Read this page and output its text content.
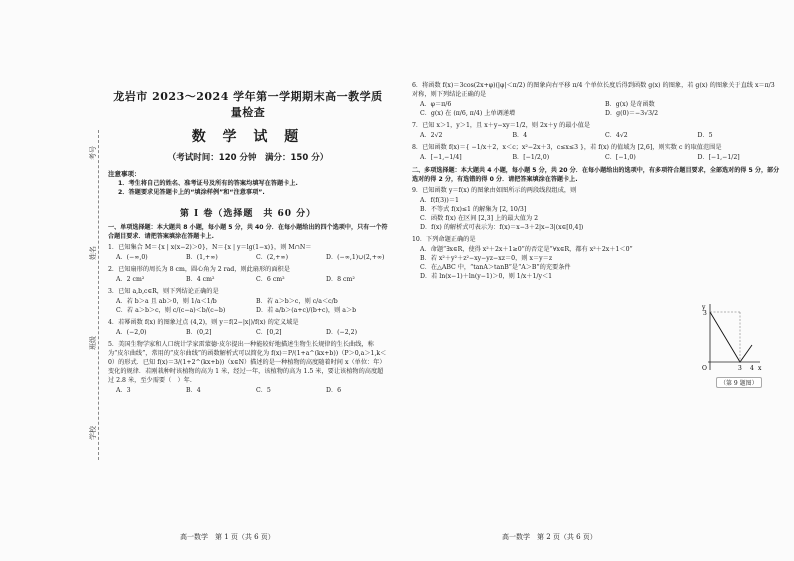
学校
班级
姓名
考号
龙岩市 2023～2024 学年第一学期期末高一教学质量检查
数 学 试 题
（考试时间：120 分钟　满分：150 分）
注意事项：
1．考生将自己的姓名、准考证号及所有的答案均填写在答题卡上.
2．答题要求见答题卡上的“填涂样例”和“注意事项”.
第 I 卷（选择题　共 60 分）
一、单项选择题：本大题共 8 小题，每小题 5 分，共 40 分．在每小题给出的四个选项中，只有一个符合题目要求．请把答案填涂在答题卡上.
1．已知集合 M＝{x | x(x−2)＞0}，N＝{x | y＝lg(1−x)}，则 M∩N＝
A．(−∞,0)	B．(1,+∞)	C．(2,+∞)	D．(−∞,1)∪(2,+∞)
2．已知扇形的周长为 8 cm，圆心角为 2 rad，则此扇形的面积是
A．2 cm²	B．4 cm²	C．6 cm²	D．8 cm²
3．已知 a,b,c∈R，则下列结论正确的是
A．若 b＞a 且 ab＞0，则 1/a＜1/b	B．若 a＞b＞c，则 c/a＜c/b
C．若 a＞b＞c，则 c/(c−a)＜b/(c−b)	D．若 a/b＞(a+c)/(b+c)，则 a＞b
4．若幂函数 f(x) 的图象过点 (4,2)，则 y＝f(2−|x|)/f(x) 的定义域是
A．(−2,0)	B．(0,2]	C．[0,2]	D．(−2,2)
5．美国生物学家和人口统计学家雷蒙德·皮尔提出一种能较好地描述生物生长规律的生长曲线，称为“皮尔曲线”，常用的“皮尔曲线”的函数解析式可以简化为 f(x)＝P/(1+a^(kx+b))（P＞0,a＞1,k＜0）的形式．已知 f(x)＝3/(1+2^(kx+b))（x∈N）描述的是一种植物的高度随着时间 x（单位：年）变化的规律．若刚栽种时该植物的高为 1 米，经过一年，该植物的高为 1.5 米，要让该植物的高度超过 2.8 米，至少需要（　）年.
A．3	B．4	C．5	D．6
高一数学　第 1 页（共 6 页）
6．将函数 f(x)＝3cos(2x+φ)(|φ|＜π/2) 的图象向右平移 π/4 个单位长度后得到函数 g(x) 的图象，若 g(x) 的图象关于直线 x＝π/3 对称，则下列结论正确的是
A．φ＝π/6	B．g(x) 是奇函数
C．g(x) 在 (π/6, π/4) 上单调递增	D．g(0)＝−3√3/2
7．已知 x＞1，y＞1，且 x＋y−xy＝1/2，则 2x＋y 的最小值是
A．2√2	B．4	C．4√2	D．5
8．已知函数 f(x)＝{ −1/x＋2，x＜c；x²−2x＋3，c≤x≤3 }，若 f(x) 的值域为 [2,6]，则实数 c 的取值范围是
A．[−1,−1/4]	B．[−1/2,0)	C．[−1,0)	D．[−1,−1/2]
二、多项选择题：本大题共 4 小题，每小题 5 分，共 20 分．在每小题给出的选项中，有多项符合题目要求，全部选对的得 5 分，部分选对的得 2 分，有选错的得 0 分．请把答案填涂在答题卡上.
9．已知函数 y＝f(x) 的图象由如图所示的两段线段组成，则
A．f(f(3))＝1
B．不等式 f(x)≤1 的解集为 [2, 10/3]
C．函数 f(x) 在区间 [2,3] 上的最大值为 2
D．f(x) 的解析式可表示为：f(x)＝x−3＋2|x−3|(x∈[0,4])
10．下列命题正确的是
A．命题“∃x∈R，使得 x²＋2x＋1≥0”的否定是“∀x∈R，都有 x²＋2x＋1＜0”
B．若 x²＋y²＋z²−xy−yz−xz＝0，则 x＝y＝z
C．在△ABC 中，“tanA＞tanB”是“A＞B”的充要条件
D．若 ln(x−1)＋ln(y−1)＞0，则 1/x＋1/y＜1
y
x
O	3 4
3
（第 9 题图）
高一数学　第 2 页（共 6 页）
